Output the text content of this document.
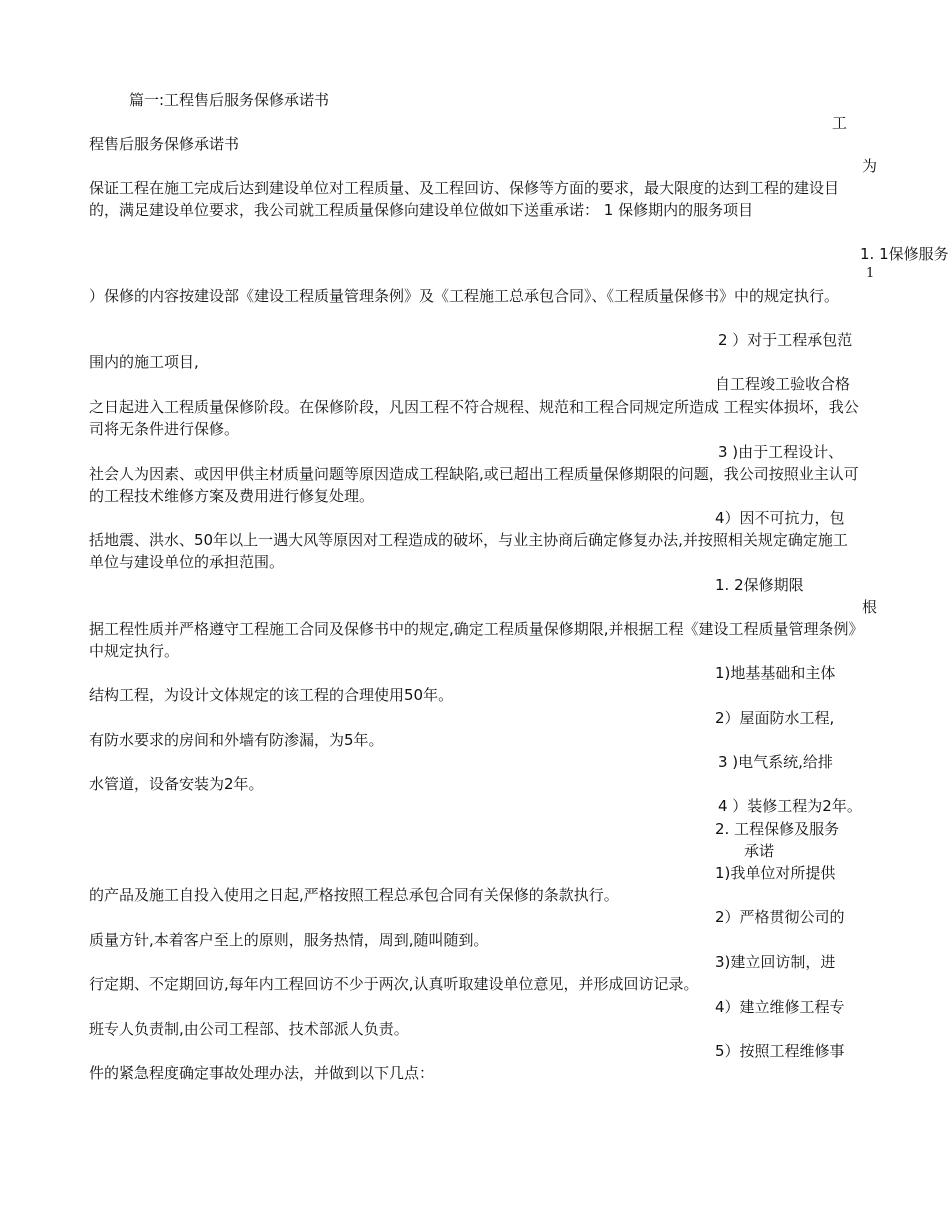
篇一:工程售后服务保修承诺书

工

程售后服务保修承诺书

为

保证工程在施工完成后达到建设单位对工程质量、及工程回访、保修等方面的要求，最大限度的达到工程的建设目的，满足建设单位要求，我公司就工程质量保修向建设单位做如下送重承诺： 1 保修期内的服务项目

1. 1保修服务

1

）保修的内容按建设部《建设工程质量管理条例》及《工程施工总承包合同》、《工程质量保修书》中的规定执行。

2 ）对于工程承包范

围内的施工项目,

自工程竣工验收合格

之日起进入工程质量保修阶段。在保修阶段，凡因工程不符合规程、规范和工程合同规定所造成 工程实体损坏，我公司将无条件进行保修。

3 )由于工程设计、

社会人为因素、或因甲供主材质量问题等原因造成工程缺陷,或已超出工程质量保修期限的问题，我公司按照业主认可的工程技术维修方案及费用进行修复处理。

4）因不可抗力，包

括地震、洪水、50年以上一遇大风等原因对工程造成的破坏，与业主协商后确定修复办法,并按照相关规定确定施工单位与建设单位的承担范围。

1. 2保修期限

根

据工程性质并严格遵守工程施工合同及保修书中的规定,确定工程质量保修期限,并根据工程《建设工程质量管理条例》中规定执行。

1)地基基础和主体

结构工程，为设计文体规定的该工程的合理使用50年。

2）屋面防水工程,

有防水要求的房间和外墙有防渗漏，为5年。

3 )电气系统,给排

水管道，设备安装为2年。

4 ）装修工程为2年。

2. 工程保修及服务

承诺

1)我单位对所提供

的产品及施工自投入使用之日起,严格按照工程总承包合同有关保修的条款执行。

2）严格贯彻公司的

质量方针,本着客户至上的原则，服务热情，周到,随叫随到。

3)建立回访制，进

行定期、不定期回访,每年内工程回访不少于两次,认真听取建设单位意见，并形成回访记录。

4）建立维修工程专

班专人负责制,由公司工程部、技术部派人负责。

5）按照工程维修事

件的紧急程度确定事故处理办法，并做到以下几点：
